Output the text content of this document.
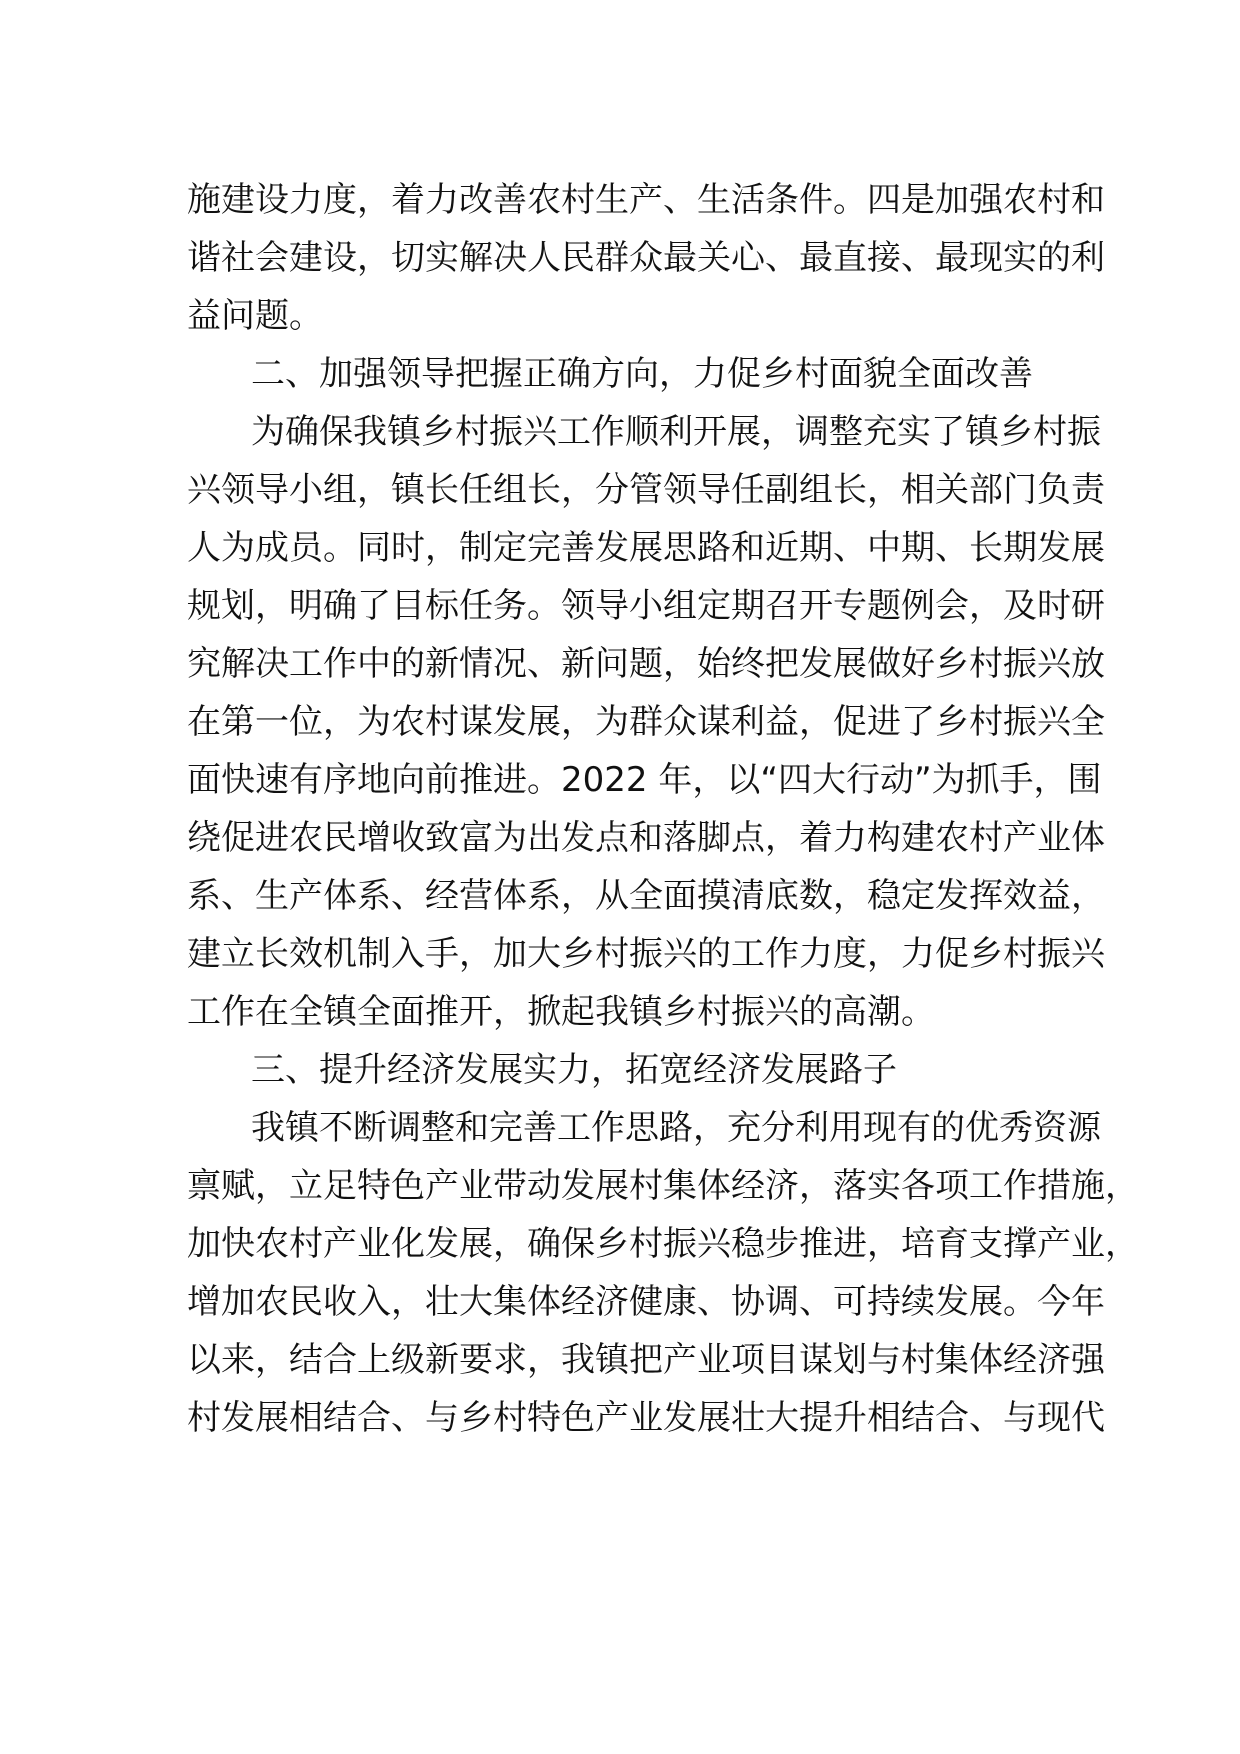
施建设力度，着力改善农村生产、生活条件。四是加强农村和
谐社会建设，切实解决人民群众最关心、最直接、最现实的利
益问题。
二、加强领导把握正确方向，力促乡村面貌全面改善
为确保我镇乡村振兴工作顺利开展，调整充实了镇乡村振
兴领导小组，镇长任组长，分管领导任副组长，相关部门负责
人为成员。同时，制定完善发展思路和近期、中期、长期发展
规划，明确了目标任务。领导小组定期召开专题例会，及时研
究解决工作中的新情况、新问题，始终把发展做好乡村振兴放
在第一位，为农村谋发展，为群众谋利益，促进了乡村振兴全
面快速有序地向前推进。2022 年，以“四大行动”为抓手，围
绕促进农民增收致富为出发点和落脚点，着力构建农村产业体
系、生产体系、经营体系，从全面摸清底数，稳定发挥效益，
建立长效机制入手，加大乡村振兴的工作力度，力促乡村振兴
工作在全镇全面推开，掀起我镇乡村振兴的高潮。
三、提升经济发展实力，拓宽经济发展路子
我镇不断调整和完善工作思路，充分利用现有的优秀资源
禀赋，立足特色产业带动发展村集体经济，落实各项工作措施，
加快农村产业化发展，确保乡村振兴稳步推进，培育支撑产业，
增加农民收入，壮大集体经济健康、协调、可持续发展。今年
以来，结合上级新要求，我镇把产业项目谋划与村集体经济强
村发展相结合、与乡村特色产业发展壮大提升相结合、与现代
